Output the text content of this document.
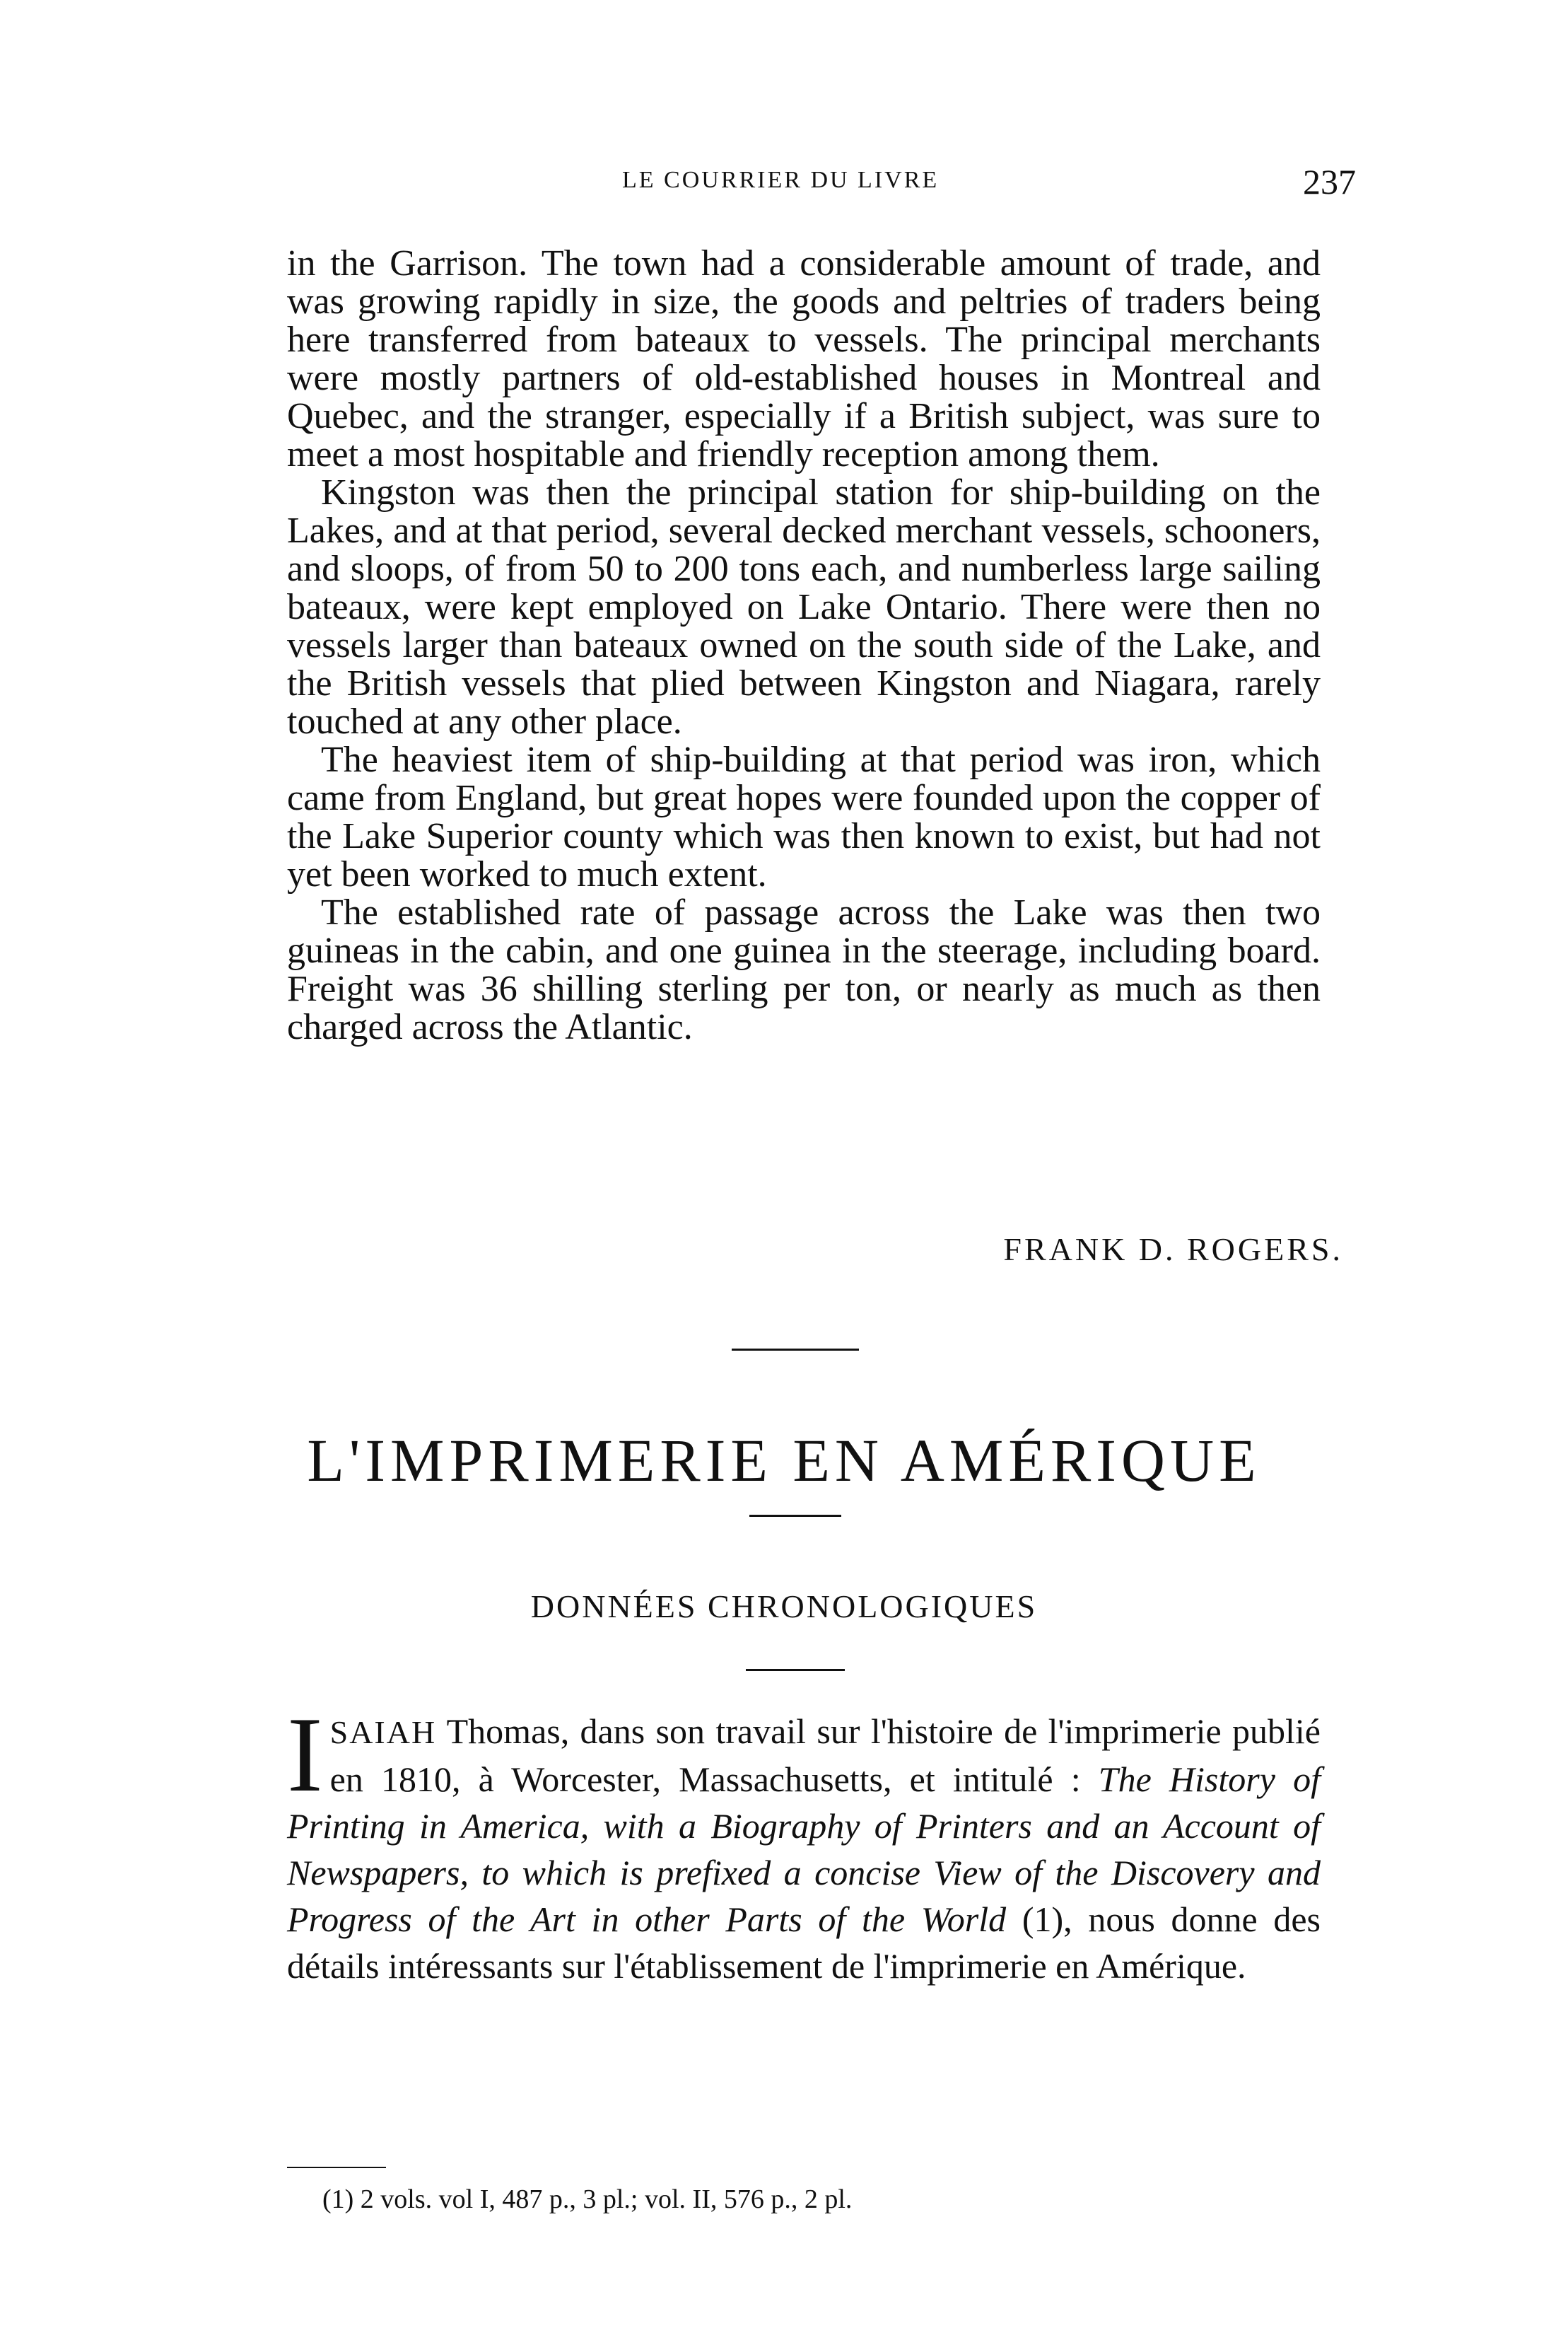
LE COURRIER DU LIVRE	237

in the Garrison. The town had a considerable amount of trade, and was growing rapidly in size, the goods and peltries of traders being here transferred from bateaux to vessels. The principal merchants were mostly partners of old-established houses in Montreal and Quebec, and the stranger, especially if a British subject, was sure to meet a most hospitable and friendly reception among them.

Kingston was then the principal station for ship-building on the Lakes, and at that period, several decked merchant vessels, schooners, and sloops, of from 50 to 200 tons each, and numberless large sailing bateaux, were kept employed on Lake Ontario. There were then no vessels larger than bateaux owned on the south side of the Lake, and the British vessels that plied between Kingston and Niagara, rarely touched at any other place.

The heaviest item of ship-building at that period was iron, which came from England, but great hopes were founded upon the copper of the Lake Superior county which was then known to exist, but had not yet been worked to much extent.

The established rate of passage across the Lake was then two guineas in the cabin, and one guinea in the steerage, including board. Freight was 36 shilling sterling per ton, or nearly as much as then charged across the Atlantic.

FRANK D. ROGERS.
L'IMPRIMERIE EN AMÉRIQUE
DONNÉES CHRONOLOGIQUES
ISAIAH Thomas, dans son travail sur l'histoire de l'imprimerie publié en 1810, à Worcester, Massachusetts, et intitulé : The History of Printing in America, with a Biography of Printers and an Account of Newspapers, to which is prefixed a concise View of the Discovery and Progress of the Art in other Parts of the World (1), nous donne des détails intéressants sur l'établissement de l'imprimerie en Amérique.
(1) 2 vols. vol I, 487 p., 3 pl.; vol. II, 576 p., 2 pl.
